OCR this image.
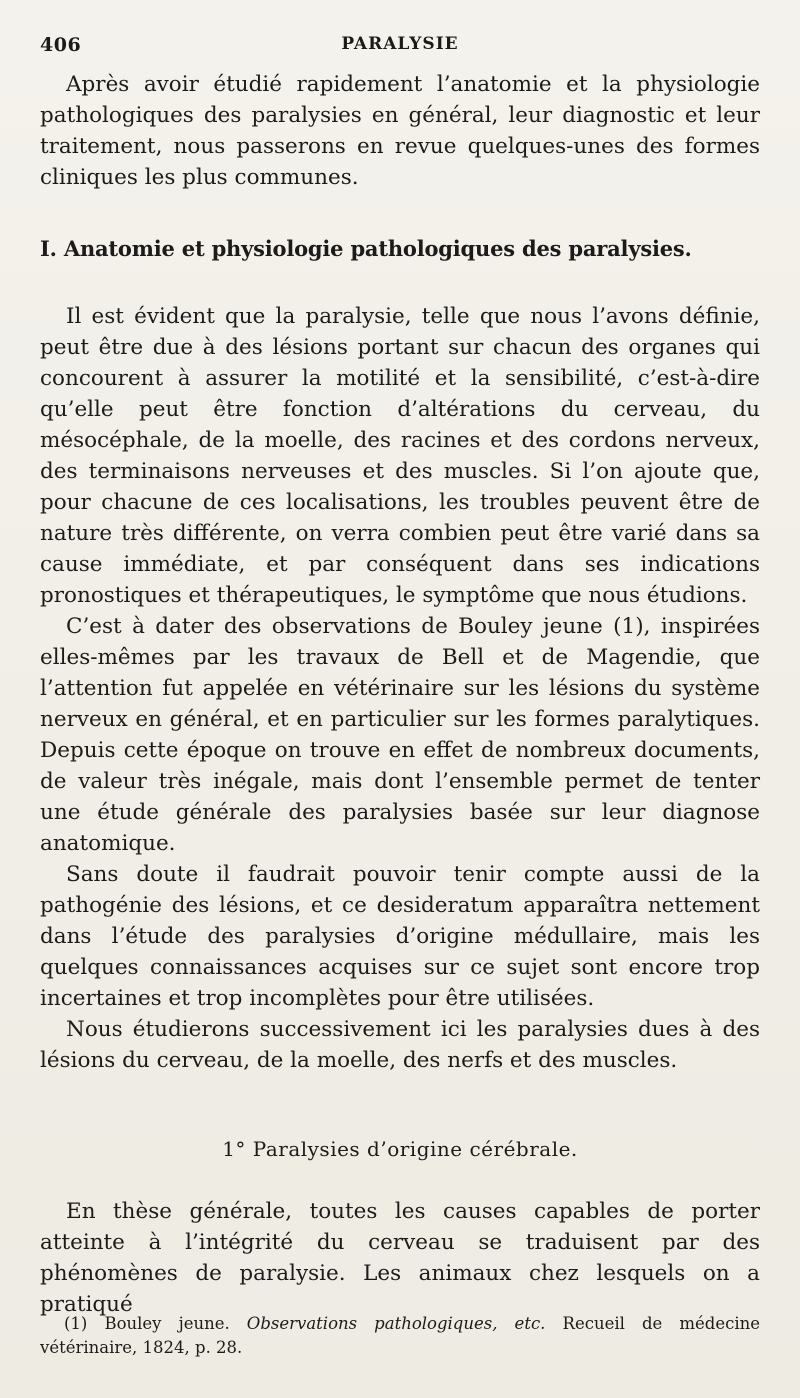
406	PARALYSIE

Après avoir étudié rapidement l’anatomie et la physiologie pathologiques des paralysies en général, leur diagnostic et leur traitement, nous passerons en revue quelques-unes des formes cliniques les plus communes.

I. Anatomie et physiologie pathologiques des paralysies.

Il est évident que la paralysie, telle que nous l’avons définie, peut être due à des lésions portant sur chacun des organes qui concourent à assurer la motilité et la sensibilité, c’est-à-dire qu’elle peut être fonction d’altérations du cerveau, du mésocéphale, de la moelle, des racines et des cordons nerveux, des terminaisons nerveuses et des muscles. Si l’on ajoute que, pour chacune de ces localisations, les troubles peuvent être de nature très différente, on verra combien peut être varié dans sa cause immédiate, et par conséquent dans ses indications pronostiques et thérapeutiques, le symptôme que nous étudions.

C’est à dater des observations de Bouley jeune (1), inspirées elles-mêmes par les travaux de Bell et de Magendie, que l’attention fut appelée en vétérinaire sur les lésions du système nerveux en général, et en particulier sur les formes paralytiques. Depuis cette époque on trouve en effet de nombreux documents, de valeur très inégale, mais dont l’ensemble permet de tenter une étude générale des paralysies basée sur leur diagnose anatomique.

Sans doute il faudrait pouvoir tenir compte aussi de la pathogénie des lésions, et ce desideratum apparaîtra nettement dans l’étude des paralysies d’origine médullaire, mais les quelques connaissances acquises sur ce sujet sont encore trop incertaines et trop incomplètes pour être utilisées.

Nous étudierons successivement ici les paralysies dues à des lésions du cerveau, de la moelle, des nerfs et des muscles.

1° Paralysies d’origine cérébrale.

En thèse générale, toutes les causes capables de porter atteinte à l’intégrité du cerveau se traduisent par des phénomènes de paralysie. Les animaux chez lesquels on a pratiqué

(1) Bouley jeune. Observations pathologiques, etc. Recueil de médecine vétérinaire, 1824, p. 28.
